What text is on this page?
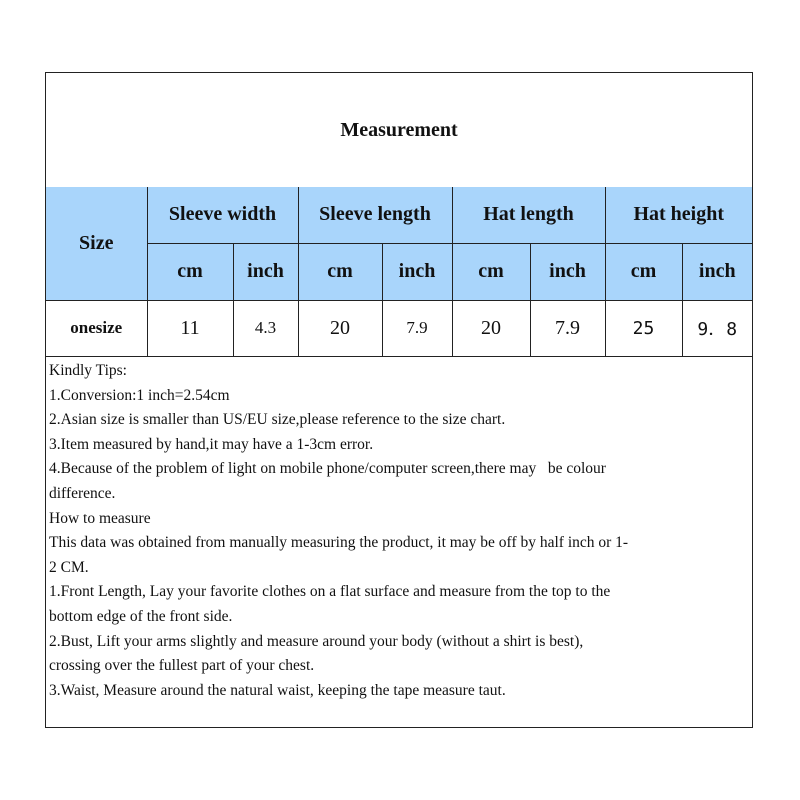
Measurement
Size	Sleeve width		Sleeve length		Hat length		Hat height	
	cm	inch	cm	inch	cm	inch	cm	inch
onesize	11	4.3	20	7.9	20	7.9	25	9．8
Kindly Tips:
1.Conversion:1 inch=2.54cm
2.Asian size is smaller than US/EU size,please reference to the size chart.
3.Item measured by hand,it may have a 1-3cm error.
4.Because of the problem of light on mobile phone/computer screen,there may   be colour
difference.
How to measure
This data was obtained from manually measuring the product, it may be off by half inch or 1-
2 CM.
1.Front Length, Lay your favorite clothes on a flat surface and measure from the top to the
bottom edge of the front side.
2.Bust, Lift your arms slightly and measure around your body (without a shirt is best),
crossing over the fullest part of your chest.
3.Waist, Measure around the natural waist, keeping the tape measure taut.
